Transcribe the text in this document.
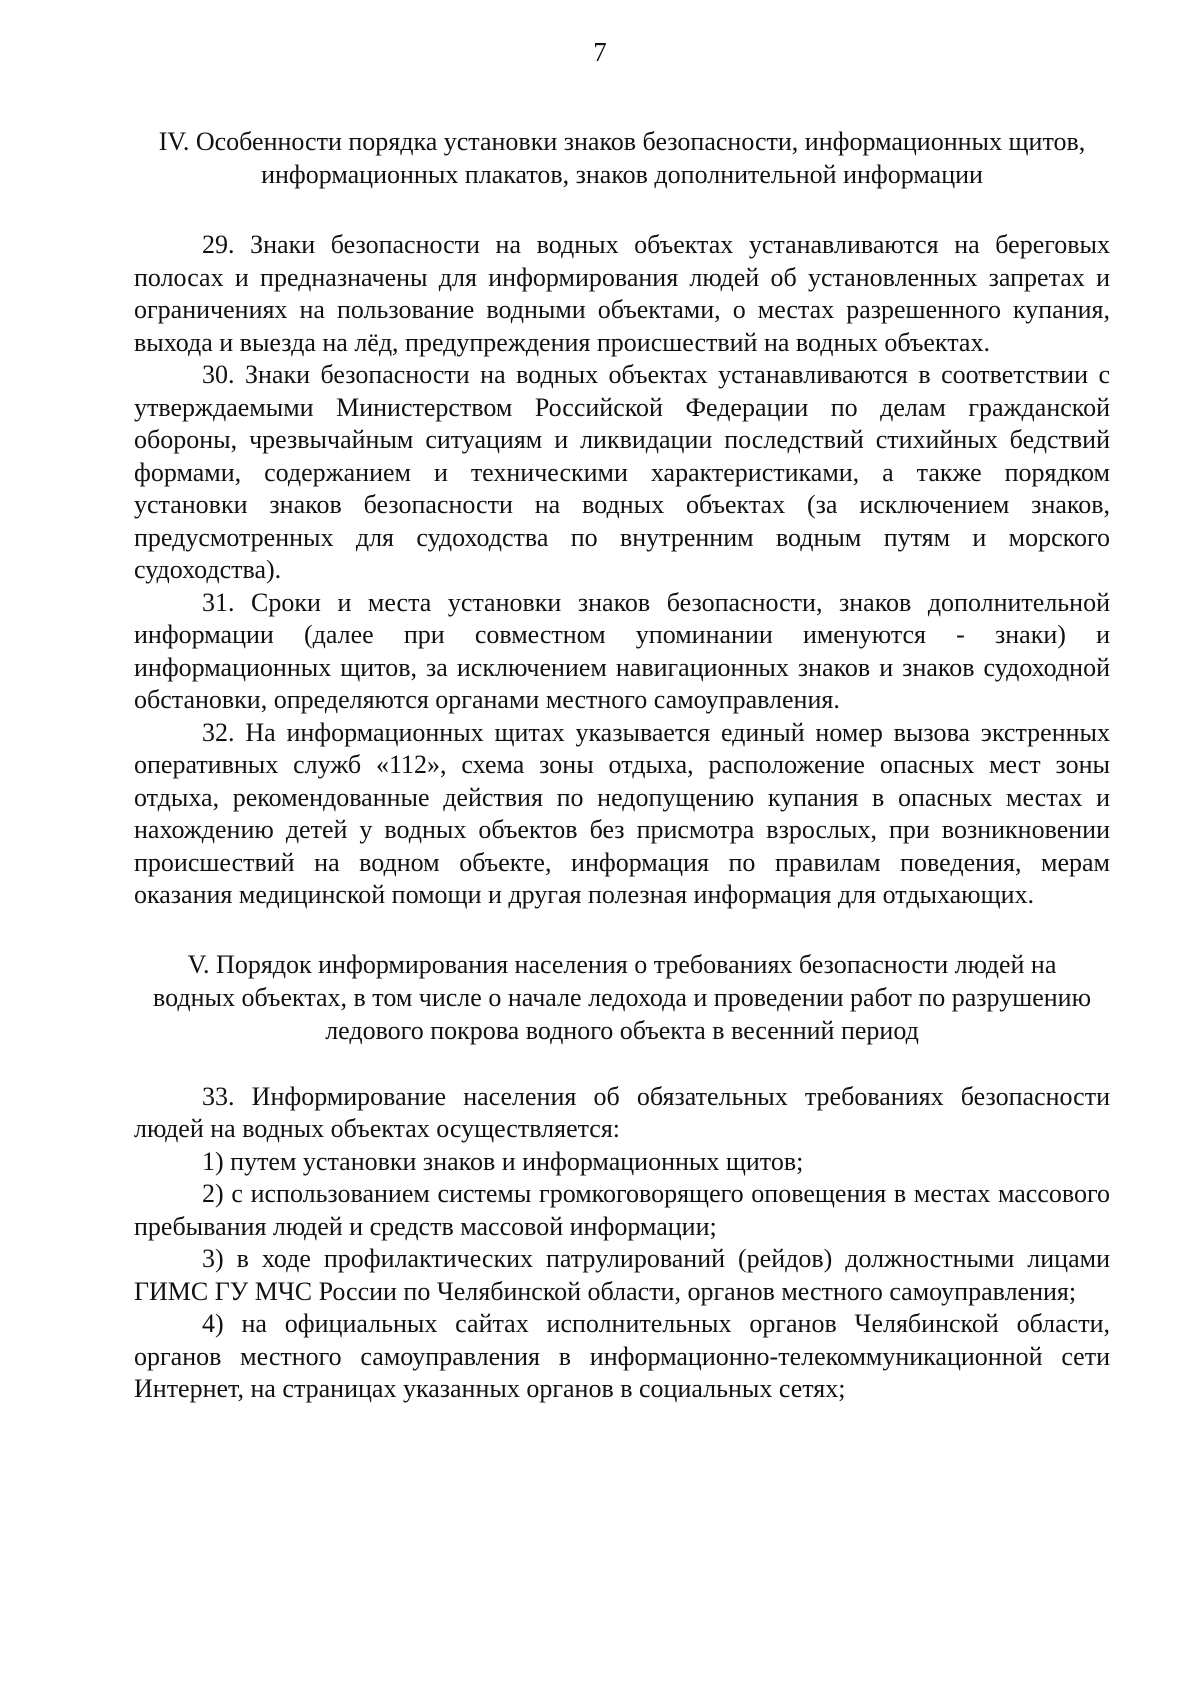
7
IV. Особенности порядка установки знаков безопасности, информационных щитов, информационных плакатов, знаков дополнительной информации

29. Знаки безопасности на водных объектах устанавливаются на береговых полосах и предназначены для информирования людей об установленных запретах и ограничениях на пользование водными объектами, о местах разрешенного купания, выхода и выезда на лёд, предупреждения происшествий на водных объектах.

30. Знаки безопасности на водных объектах устанавливаются в соответствии с утверждаемыми Министерством Российской Федерации по делам гражданской обороны, чрезвычайным ситуациям и ликвидации последствий стихийных бедствий формами, содержанием и техническими характеристиками, а также порядком установки знаков безопасности на водных объектах (за исключением знаков, предусмотренных для судоходства по внутренним водным путям и морского судоходства).

31. Сроки и места установки знаков безопасности, знаков дополнительной информации (далее при совместном упоминании именуются - знаки) и информационных щитов, за исключением навигационных знаков и знаков судоходной обстановки, определяются органами местного самоуправления.

32. На информационных щитах указывается единый номер вызова экстренных оперативных служб «112», схема зоны отдыха, расположение опасных мест зоны отдыха, рекомендованные действия по недопущению купания в опасных местах и нахождению детей у водных объектов без присмотра взрослых, при возникновении происшествий на водном объекте, информация по правилам поведения, мерам оказания медицинской помощи и другая полезная информация для отдыхающих.

V. Порядок информирования населения о требованиях безопасности людей на водных объектах, в том числе о начале ледохода и проведении работ по разрушению ледового покрова водного объекта в весенний период

33. Информирование населения об обязательных требованиях безопасности людей на водных объектах осуществляется:

1) путем установки знаков и информационных щитов;

2) с использованием системы громкоговорящего оповещения в местах массового пребывания людей и средств массовой информации;

3) в ходе профилактических патрулирований (рейдов) должностными лицами ГИМС ГУ МЧС России по Челябинской области, органов местного самоуправления;

4) на официальных сайтах исполнительных органов Челябинской области, органов местного самоуправления в информационно-телекоммуникационной сети Интернет, на страницах указанных органов в социальных сетях;
